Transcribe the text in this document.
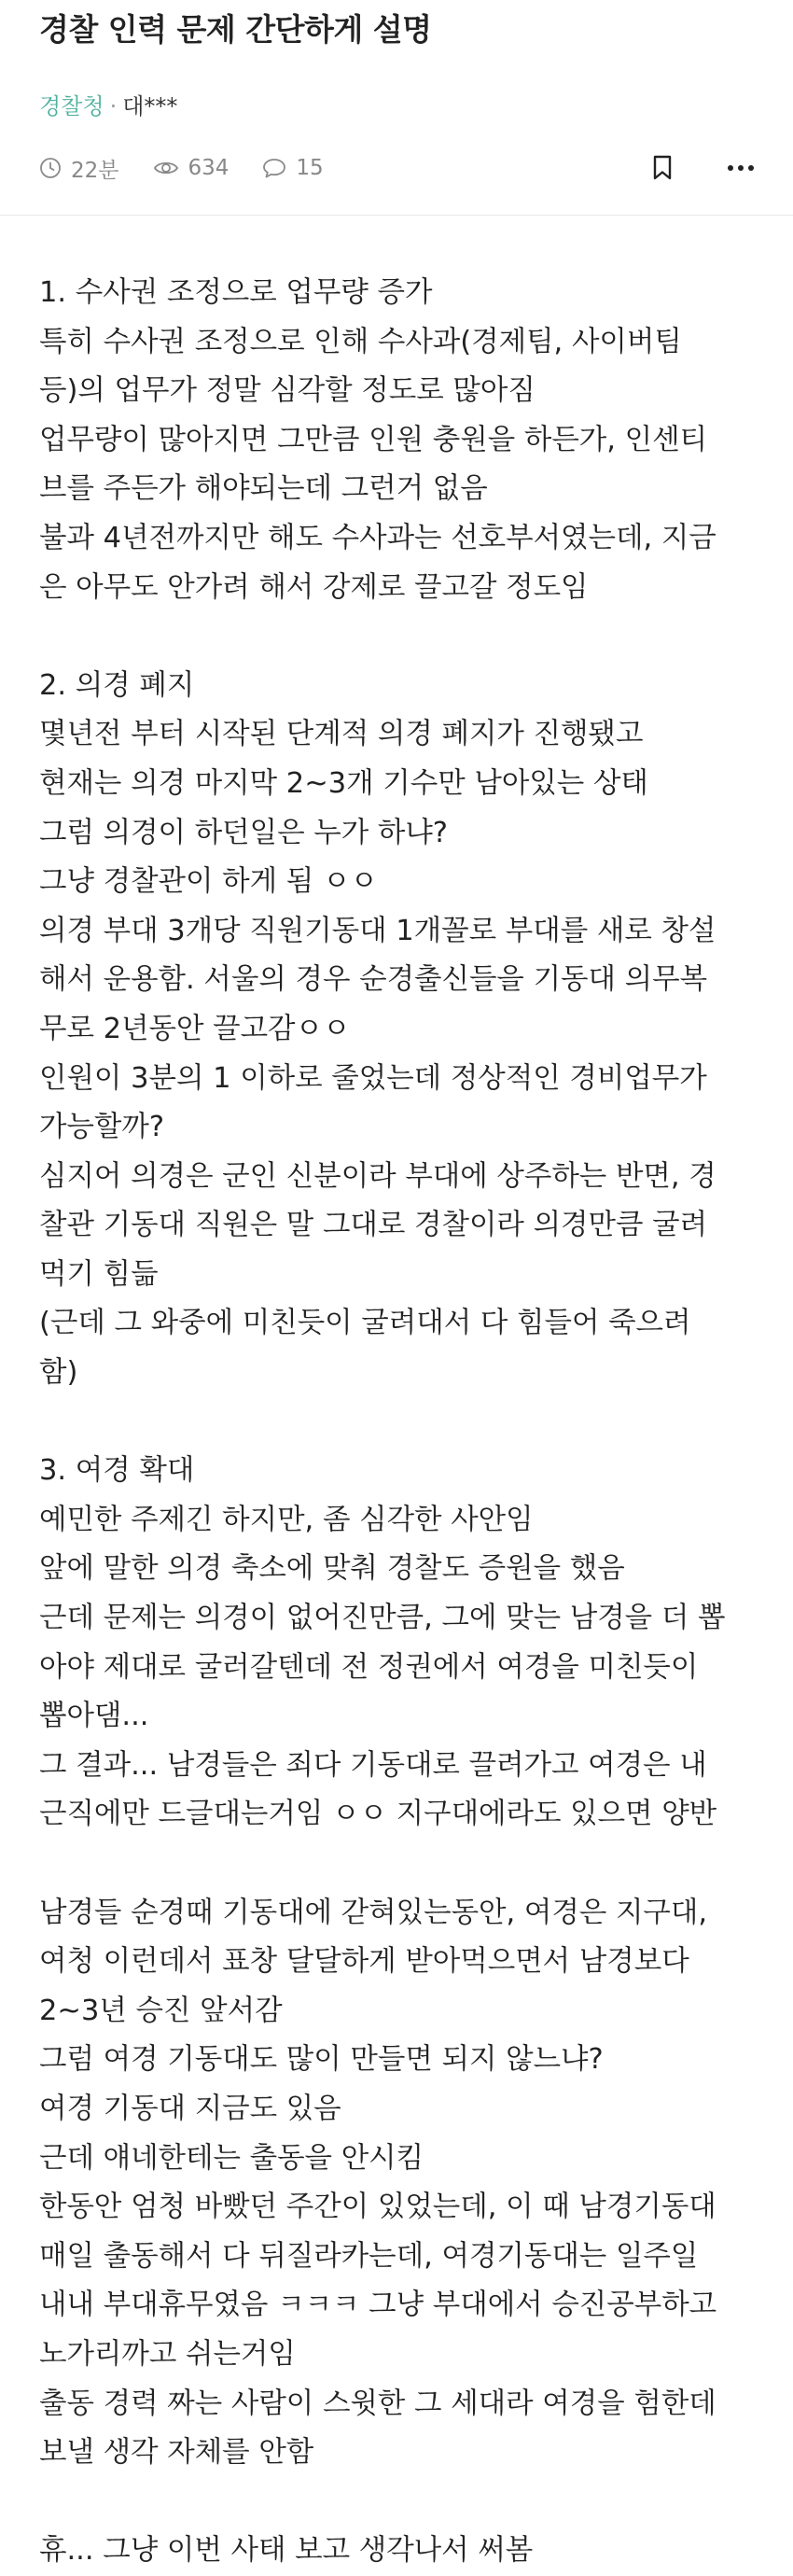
경찰 인력 문제 간단하게 설명
경찰청 · 대***
22분	634	15
1. 수사권 조정으로 업무량 증가
특히 수사권 조정으로 인해 수사과(경제팀, 사이버팀
등)의 업무가 정말 심각할 정도로 많아짐
업무량이 많아지면 그만큼 인원 충원을 하든가, 인센티
브를 주든가 해야되는데 그런거 없음
불과 4년전까지만 해도 수사과는 선호부서였는데, 지금
은 아무도 안가려 해서 강제로 끌고갈 정도임
2. 의경 폐지
몇년전 부터 시작된 단계적 의경 폐지가 진행됐고
현재는 의경 마지막 2~3개 기수만 남아있는 상태
그럼 의경이 하던일은 누가 하냐?
그냥 경찰관이 하게 됨 ㅇㅇ
의경 부대 3개당 직원기동대 1개꼴로 부대를 새로 창설
해서 운용함. 서울의 경우 순경출신들을 기동대 의무복
무로 2년동안 끌고감ㅇㅇ
인원이 3분의 1 이하로 줄었는데 정상적인 경비업무가
가능할까?
심지어 의경은 군인 신분이라 부대에 상주하는 반면, 경
찰관 기동대 직원은 말 그대로 경찰이라 의경만큼 굴려
먹기 힘듦
(근데 그 와중에 미친듯이 굴려대서 다 힘들어 죽으려
함)
3. 여경 확대
예민한 주제긴 하지만, 좀 심각한 사안임
앞에 말한 의경 축소에 맞춰 경찰도 증원을 했음
근데 문제는 의경이 없어진만큼, 그에 맞는 남경을 더 뽑
아야 제대로 굴러갈텐데 전 정권에서 여경을 미친듯이
뽑아댐...
그 결과... 남경들은 죄다 기동대로 끌려가고 여경은 내
근직에만 드글대는거임 ㅇㅇ 지구대에라도 있으면 양반
남경들 순경때 기동대에 갇혀있는동안, 여경은 지구대,
여청 이런데서 표창 달달하게 받아먹으면서 남경보다
2~3년 승진 앞서감
그럼 여경 기동대도 많이 만들면 되지 않느냐?
여경 기동대 지금도 있음
근데 얘네한테는 출동을 안시킴
한동안 엄청 바빴던 주간이 있었는데, 이 때 남경기동대
매일 출동해서 다 뒤질라카는데, 여경기동대는 일주일
내내 부대휴무였음 ㅋㅋㅋ 그냥 부대에서 승진공부하고
노가리까고 쉬는거임
출동 경력 짜는 사람이 스윗한 그 세대라 여경을 험한데
보낼 생각 자체를 안함
휴... 그냥 이번 사태 보고 생각나서 써봄
